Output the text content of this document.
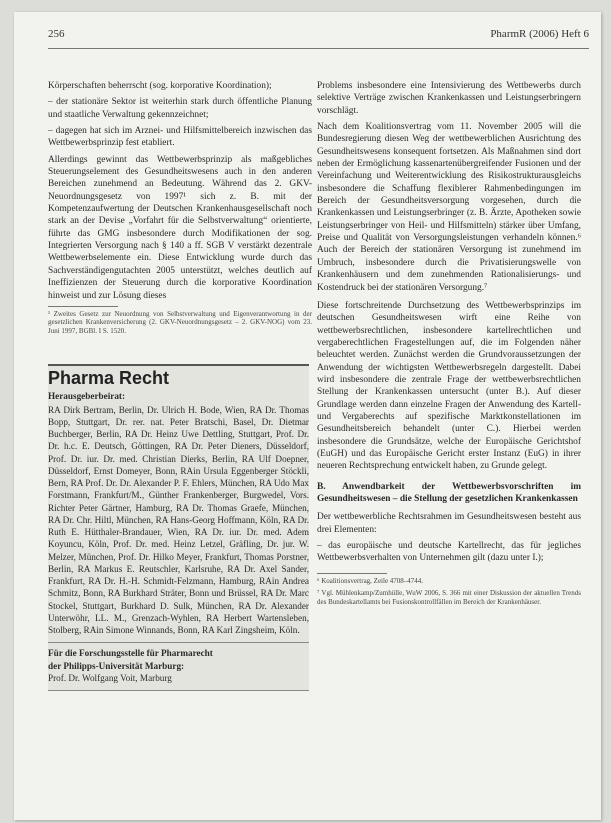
256	PharmR (2006) Heft 6

Körperschaften beherrscht (sog. korporative Koordination);

– der stationäre Sektor ist weiterhin stark durch öffentliche Planung und staatliche Verwaltung gekennzeichnet;

– dagegen hat sich im Arznei- und Hilfsmittelbereich inzwischen das Wettbewerbsprinzip fest etabliert.

Allerdings gewinnt das Wettbewerbsprinzip als maßgebliches Steuerungselement des Gesundheitswesens auch in den anderen Bereichen zunehmend an Bedeutung. Während das 2. GKV-Neuordnungsgesetz von 1997¹ sich z. B. mit der Kompetenzaufwertung der Deutschen Krankenhausgesellschaft noch stark an der Devise „Vorfahrt für die Selbstverwaltung“ orientierte, führte das GMG insbesondere durch Modifikationen der sog. Integrierten Versorgung nach § 140 a ff. SGB V verstärkt dezentrale Wettbewerbselemente ein. Diese Entwicklung wurde durch das Sachverständigengutachten 2005 unterstützt, welches deutlich auf Ineffizienzen der Steuerung durch die korporative Koordination hinweist und zur Lösung dieses

¹ Zweites Gesetz zur Neuordnung von Selbstverwaltung und Eigenverantwortung in der gesetzlichen Krankenversicherung (2. GKV-Neuordnungsgesetz – 2. GKV-NOG) vom 23. Juni 1997, BGBl. I S. 1520.

Pharma Recht

Herausgeberbeirat:

RA Dirk Bertram, Berlin, Dr. Ulrich H. Bode, Wien, RA Dr. Thomas Bopp, Stuttgart, Dr. rer. nat. Peter Bratschi, Basel, Dr. Dietmar Buchberger, Berlin, RA Dr. Heinz Uwe Dettling, Stuttgart, Prof. Dr. Dr. h.c. E. Deutsch, Göttingen, RA Dr. Peter Dieners, Düsseldorf, Prof. Dr. iur. Dr. med. Christian Dierks, Berlin, RA Ulf Doepner, Düsseldorf, Ernst Domeyer, Bonn, RAin Ursula Eggenberger Stöckli, Bern, RA Prof. Dr. Dr. Alexander P. F. Ehlers, München, RA Udo Max Forstmann, Frankfurt/M., Günther Frankenberger, Burgwedel, Vors. Richter Peter Gärtner, Hamburg, RA Dr. Thomas Graefe, München, RA Dr. Chr. Hiltl, München, RA Hans-Georg Hoffmann, Köln, RA Dr. Ruth E. Hütthaler-Brandauer, Wien, RA Dr. iur. Dr. med. Adem Koyuncu, Köln, Prof. Dr. med. Heinz Letzel, Gräfling, Dr. jur. W. Melzer, München, Prof. Dr. Hilko Meyer, Frankfurt, Thomas Porstner, Berlin, RA Markus E. Reutschler, Karlsruhe, RA Dr. Axel Sander, Frankfurt, RA Dr. H.-H. Schmidt-Felzmann, Hamburg, RAin Andrea Schmitz, Bonn, RA Burkhard Sträter, Bonn und Brüssel, RA Dr. Marc Stockel, Stuttgart, Burkhard D. Sulk, München, RA Dr. Alexander Unterwöhr, LL. M., Grenzach-Wyhlen, RA Herbert Wartensleben, Stolberg, RAin Simone Winnands, Bonn, RA Karl Zingsheim, Köln.

Für die Forschungsstelle für Pharmarecht
der Philipps-Universität Marburg:
Prof. Dr. Wolfgang Voit, Marburg

Problems insbesondere eine Intensivierung des Wettbewerbs durch selektive Verträge zwischen Krankenkassen und Leistungserbringern vorschlägt.

Nach dem Koalitionsvertrag vom 11. November 2005 will die Bundesregierung diesen Weg der wettbewerblichen Ausrichtung des Gesundheitswesens konsequent fortsetzen. Als Maßnahmen sind dort neben der Ermöglichung kassenartenübergreifender Fusionen und der Vereinfachung und Weiterentwicklung des Risikostrukturausgleichs insbesondere die Schaffung flexiblerer Rahmenbedingungen im Bereich der Gesundheitsversorgung vorgesehen, durch die Krankenkassen und Leistungserbringer (z. B. Ärzte, Apotheken sowie Leistungserbringer von Heil- und Hilfsmitteln) stärker über Umfang, Preise und Qualität von Versorgungsleistungen verhandeln können.⁶ Auch der Bereich der stationären Versorgung ist zunehmend im Umbruch, insbesondere durch die Privatisierungswelle von Krankenhäusern und dem zunehmenden Rationalisierungs- und Kostendruck bei der stationären Versorgung.⁷

Diese fortschreitende Durchsetzung des Wettbewerbsprinzips im deutschen Gesundheitswesen wirft eine Reihe von wettbewerbsrechtlichen, insbesondere kartellrechtlichen und vergaberechtlichen Fragestellungen auf, die im Folgenden näher beleuchtet werden. Zunächst werden die Grundvoraussetzungen der Anwendung der wichtigsten Wettbewerbsregeln dargestellt. Dabei wird insbesondere die zentrale Frage der wettbewerbsrechtlichen Stellung der Krankenkassen untersucht (unter B.). Auf dieser Grundlage werden dann einzelne Fragen der Anwendung des Kartell- und Vergaberechts auf spezifische Marktkonstellationen im Gesundheitsbereich behandelt (unter C.). Hierbei werden insbesondere die Grundsätze, welche der Europäische Gerichtshof (EuGH) und das Europäische Gericht erster Instanz (EuG) in ihrer neueren Rechtsprechung entwickelt haben, zu Grunde gelegt.

B. Anwendbarkeit der Wettbewerbsvorschriften im Gesundheitswesen – die Stellung der gesetzlichen Krankenkassen

Der wettbewerbliche Rechtsrahmen im Gesundheitswesen besteht aus drei Elementen:

– das europäische und deutsche Kartellrecht, das für jegliches Wettbewerbsverhalten von Unternehmen gilt (dazu unter I.);

⁶ Koalitionsvertrag, Zeile 4708–4744.

⁷ Vgl. Mühlenkamp/Zumhülle, WuW 2006, S. 366 mit einer Diskussion der aktuellen Trends des Bundeskartellamts bei Fusionskontrollfällen im Bereich der Krankenhäuser.
